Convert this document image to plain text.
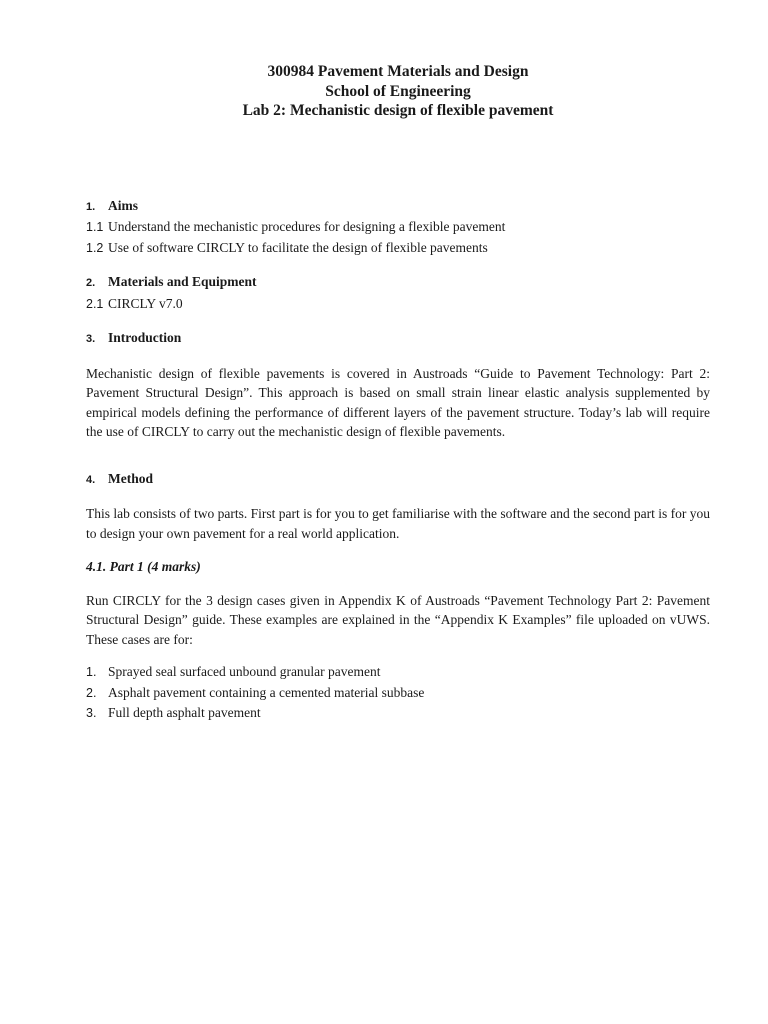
300984 Pavement Materials and Design
School of Engineering
Lab 2: Mechanistic design of flexible pavement
1. Aims
1.1 Understand the mechanistic procedures for designing a flexible pavement
1.2 Use of software CIRCLY to facilitate the design of flexible pavements
2. Materials and Equipment
2.1 CIRCLY v7.0
3. Introduction

Mechanistic design of flexible pavements is covered in Austroads “Guide to Pavement Technology: Part 2: Pavement Structural Design”. This approach is based on small strain linear elastic analysis supplemented by empirical models defining the performance of different layers of the pavement structure. Today’s lab will require the use of CIRCLY to carry out the mechanistic design of flexible pavements.

4. Method

This lab consists of two parts. First part is for you to get familiarise with the software and the second part is for you to design your own pavement for a real world application.

4.1. Part 1 (4 marks)

Run CIRCLY for the 3 design cases given in Appendix K of Austroads “Pavement Technology Part 2: Pavement Structural Design” guide. These examples are explained in the “Appendix K Examples” file uploaded on vUWS. These cases are for:

1. Sprayed seal surfaced unbound granular pavement
2. Asphalt pavement containing a cemented material subbase
3. Full depth asphalt pavement
